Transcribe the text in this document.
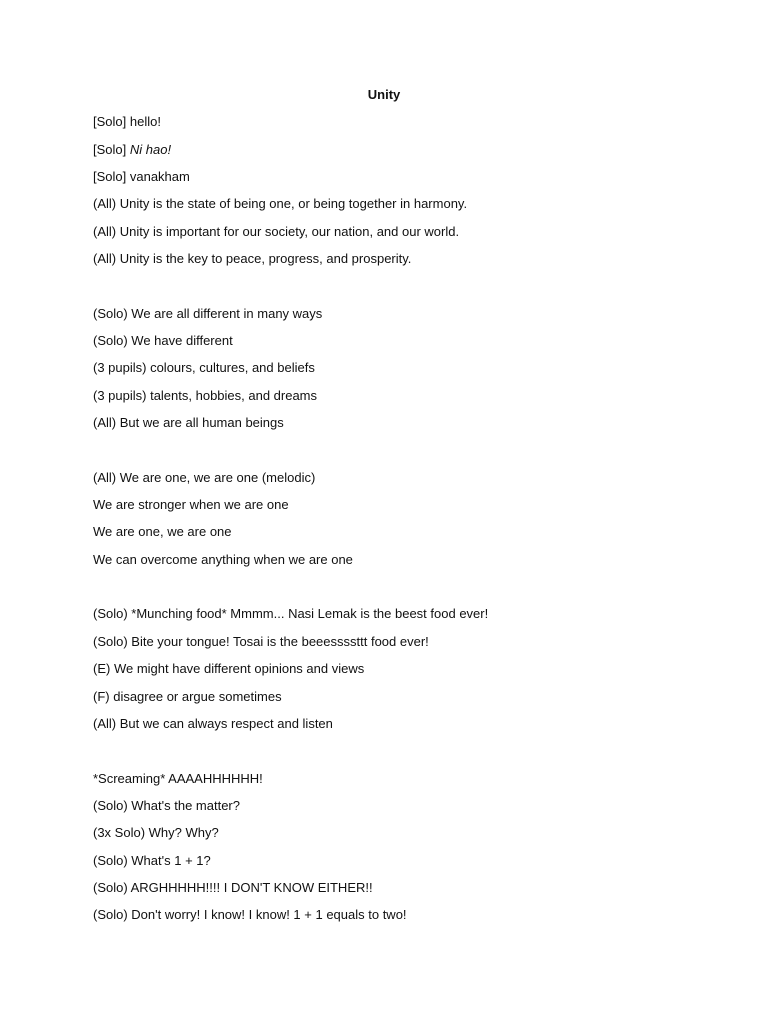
Unity
[Solo] hello!
[Solo] Ni hao!
[Solo] vanakham
(All) Unity is the state of being one, or being together in harmony.
(All) Unity is important for our society, our nation, and our world.
(All) Unity is the key to peace, progress, and prosperity.
(Solo) We are all different in many ways
(Solo) We have different
(3 pupils) colours, cultures, and beliefs
(3 pupils) talents, hobbies, and dreams
(All) But we are all human beings
(All) We are one, we are one (melodic)
We are stronger when we are one
We are one, we are one
We can overcome anything when we are one
(Solo) *Munching food* Mmmm... Nasi Lemak is the beest food ever!
(Solo) Bite your tongue! Tosai is the beeessssttt food ever!
(E) We might have different opinions and views
(F) disagree or argue sometimes
(All) But we can always respect and listen
*Screaming* AAAAHHHHHH!
(Solo) What's the matter?
(3x Solo) Why? Why?
(Solo) What's 1 + 1?
(Solo) ARGHHHHH!!!! I DON'T KNOW EITHER!!
(Solo) Don't worry! I know! I know! 1 + 1 equals to two!
